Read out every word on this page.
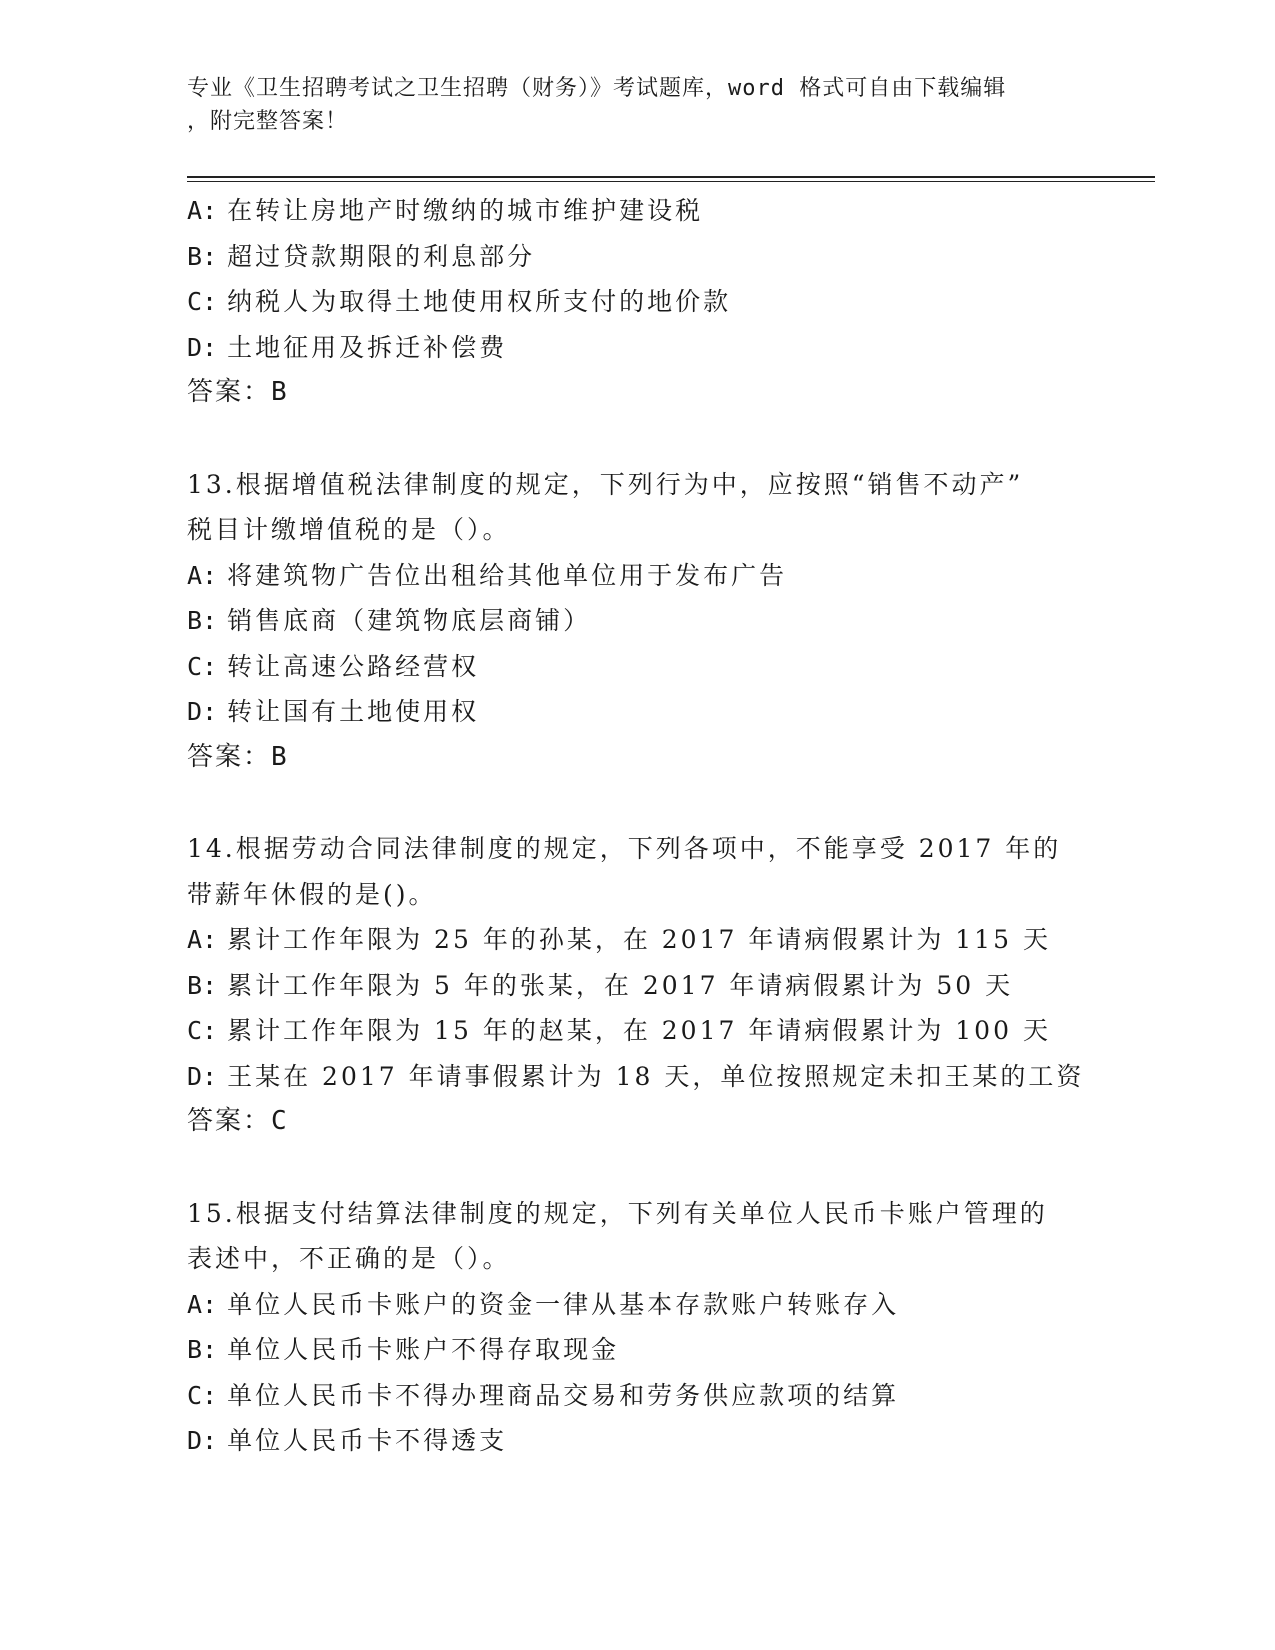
专业《卫生招聘考试之卫生招聘（财务）》考试题库，word 格式可自由下载编辑
，附完整答案！
A: 在转让房地产时缴纳的城市维护建设税
B: 超过贷款期限的利息部分
C: 纳税人为取得土地使用权所支付的地价款
D: 土地征用及拆迁补偿费
答案：B
13.根据增值税法律制度的规定，下列行为中，应按照“销售不动产”
税目计缴增值税的是（）。
A: 将建筑物广告位出租给其他单位用于发布广告
B: 销售底商（建筑物底层商铺）
C: 转让高速公路经营权
D: 转让国有土地使用权
答案：B
14.根据劳动合同法律制度的规定，下列各项中，不能享受 2017 年的
带薪年休假的是()。
A: 累计工作年限为 25 年的孙某，在 2017 年请病假累计为 115 天
B: 累计工作年限为 5 年的张某，在 2017 年请病假累计为 50 天
C: 累计工作年限为 15 年的赵某，在 2017 年请病假累计为 100 天
D: 王某在 2017 年请事假累计为 18 天，单位按照规定未扣王某的工资
答案：C
15.根据支付结算法律制度的规定，下列有关单位人民币卡账户管理的
表述中，不正确的是（）。
A: 单位人民币卡账户的资金一律从基本存款账户转账存入
B: 单位人民币卡账户不得存取现金
C: 单位人民币卡不得办理商品交易和劳务供应款项的结算
D: 单位人民币卡不得透支
